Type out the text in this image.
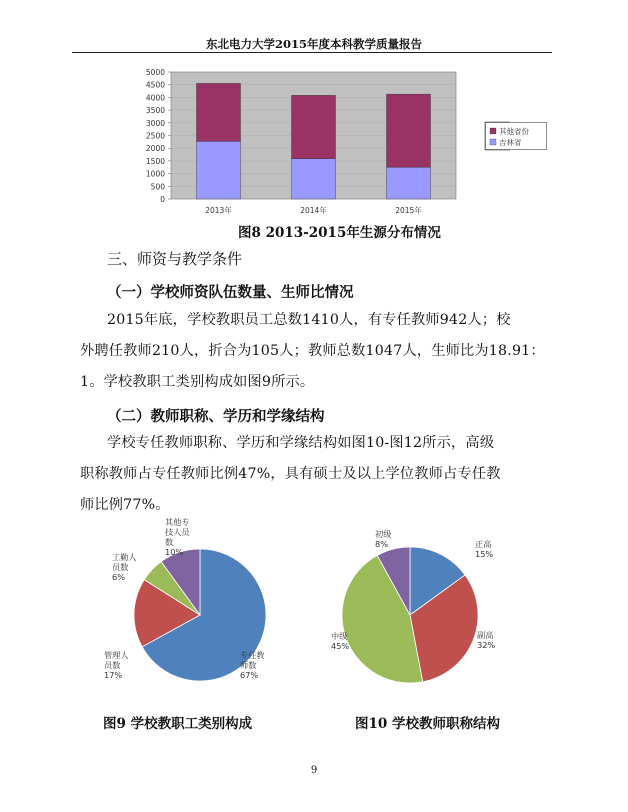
东北电力大学2015年度本科教学质量报告
0
500
1000
1500
2000
2500
3000
3500
4000
4500
5000
2013年	2014年	2015年
其他省份
吉林省
图8 2013-2015年生源分布情况
三、师资与教学条件
（一）学校师资队伍数量、生师比情况
2015年底，学校教职员工总数1410人，有专任教师942人；校
外聘任教师210人，折合为105人；教师总数1047人，生师比为18.91：
1。学校教职工类别构成如图9所示。
（二）教师职称、学历和学缘结构
学校专任教师职称、学历和学缘结构如图10-图12所示，高级
职称教师占专任教师比例47%，具有硕士及以上学位教师占专任教
师比例77%。
专任教
师数
67%
管理人
员数
17%
工勤人
员数
6%
其他专
技人员
数
10%
图9 学校教职工类别构成
正高
15%
副高
32%
中级
45%
初级
8%
图10 学校教师职称结构
9
